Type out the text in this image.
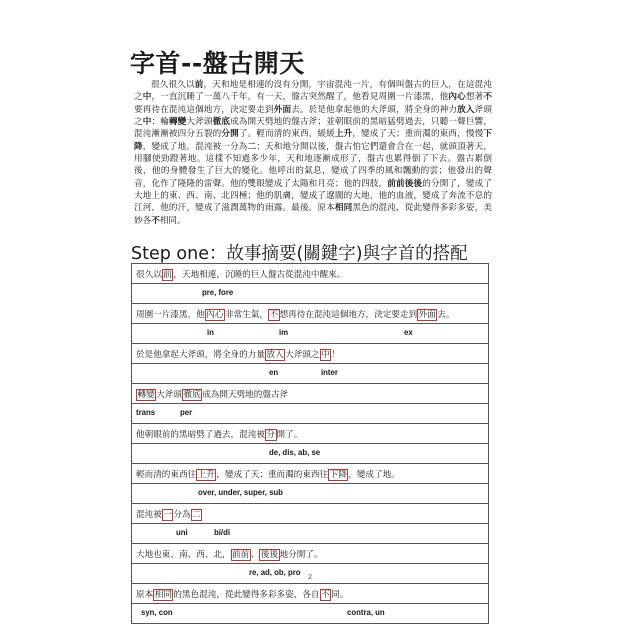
字首--盤古開天

很久很久以前，天和地是相連的沒有分開，宇宙混沌一片，有個叫盤古的巨人，在這混沌之中，一直沉睡了一萬八千年。有一天，盤古突然醒了，他看見周圍一片漆黑，他內心想著不要再待在混沌這個地方，決定要走到外面去。於是他拿起他的大斧頭，將全身的神力放入斧頭之中：輪轉變大斧頭徹底成為開天劈地的盤古斧；並朝眼前的黑暗猛劈過去，只聽一聲巨響，混沌漸漸被四分五裂的分開了。輕而清的東西，緩緩上升，變成了天；重而濁的東西，慢慢下降，變成了地。混沌被一分為二：天和地分開以後，盤古怕它們還會合在一起，就頭頂著天，用腳使勁蹬著地。這樣不知過多少年，天和地逐漸成形了，盤古也累得倒了下去。盤古累倒後，他的身體發生了巨大的變化。他呼出的氣息，變成了四季的風和飄動的雲；他發出的聲音，化作了隆隆的雷聲。他的雙眼變成了太陽和月亮；他的四肢，前前後後的分開了，變成了大地上的東、西、南、北四極；他的肌膚，變成了遼闊的大地，他的血液，變成了奔流不息的江河，他的汗，變成了滋潤萬物的雨露。最後，原本相同黑色的混沌，從此變得多彩多姿，美妙各不相同。

Step one：故事摘要(關鍵字)與字首的搭配
很久以 前 ，天地相連，沉睡的巨人盤古從混沌中醒來。

pre, fore

周圍一片漆黑，他 內心 非常生氣， 不 想再待在混沌這個地方，決定要走到 外面 去。

in	im	ex

於是他拿起大斧頭，將全身的力量 放入 大斧頭之 中 ！

en	inter

轉變 大斧頭 徹底 成為開天劈地的盤古斧

trans	per

他朝眼前的黑暗劈了過去，混沌被 分 開了。

de, dis, ab, se

輕而清的東西往 上升 ，變成了天；重而濁的東西往 下降 ，變成了地。

over, under, super, sub

混沌被 一 分為 二

uni	bi/di

大地也東、南、西、北， 前前 、 後後 地分開了。

re, ad, ob, pro

原本 相同 的黑色混沌，從此變得多彩多姿，各自 不 同。

syn, con	contra, un
2
